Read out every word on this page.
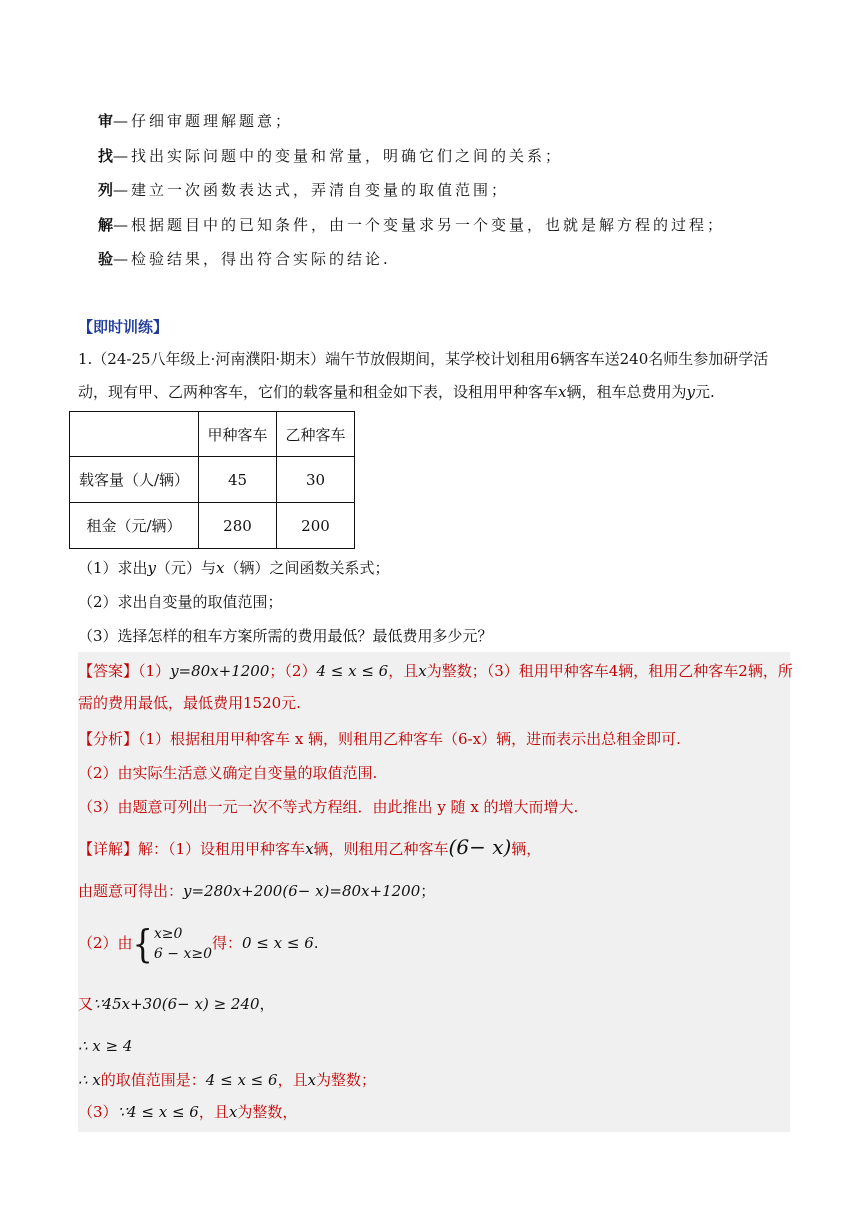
审—仔细审题理解题意；
找—找出实际问题中的变量和常量，明确它们之间的关系；
列—建立一次函数表达式，弄清自变量的取值范围；
解—根据题目中的已知条件，由一个变量求另一个变量，也就是解方程的过程；
验—检验结果，得出符合实际的结论.
【即时训练】
1.（24-25八年级上·河南濮阳·期末）端午节放假期间，某学校计划租用6辆客车送240名师生参加研学活
动，现有甲、乙两种客车，它们的载客量和租金如下表，设租用甲种客车x辆，租车总费用为y元.
	甲种客车	乙种客车
载客量（人/辆）	45	30
租金（元/辆）	280	200
（1）求出y（元）与x（辆）之间函数关系式；
（2）求出自变量的取值范围；
（3）选择怎样的租车方案所需的费用最低？最低费用多少元？
【答案】（1）y=80x+1200；（2）4 ≤ x ≤ 6，且x为整数；（3）租用甲种客车4辆，租用乙种客车2辆，所
需的费用最低，最低费用1520元.
【分析】（1）根据租用甲种客车 x 辆，则租用乙种客车（6-x）辆，进而表示出总租金即可.
（2）由实际生活意义确定自变量的取值范围.
（3）由题意可列出一元一次不等式方程组．由此推出 y 随 x 的增大而增大.
【详解】解：（1）设租用甲种客车x辆，则租用乙种客车(6− x)辆，
由题意可得出：y=280x+200(6− x)=80x+1200；
（2）由{x≥0
6 − x≥0得：0 ≤ x ≤ 6.
又∵45x+30(6− x) ≥ 240，
∴ x ≥ 4
∴ x的取值范围是：4 ≤ x ≤ 6，且x为整数；
（3）∵4 ≤ x ≤ 6，且x为整数，
